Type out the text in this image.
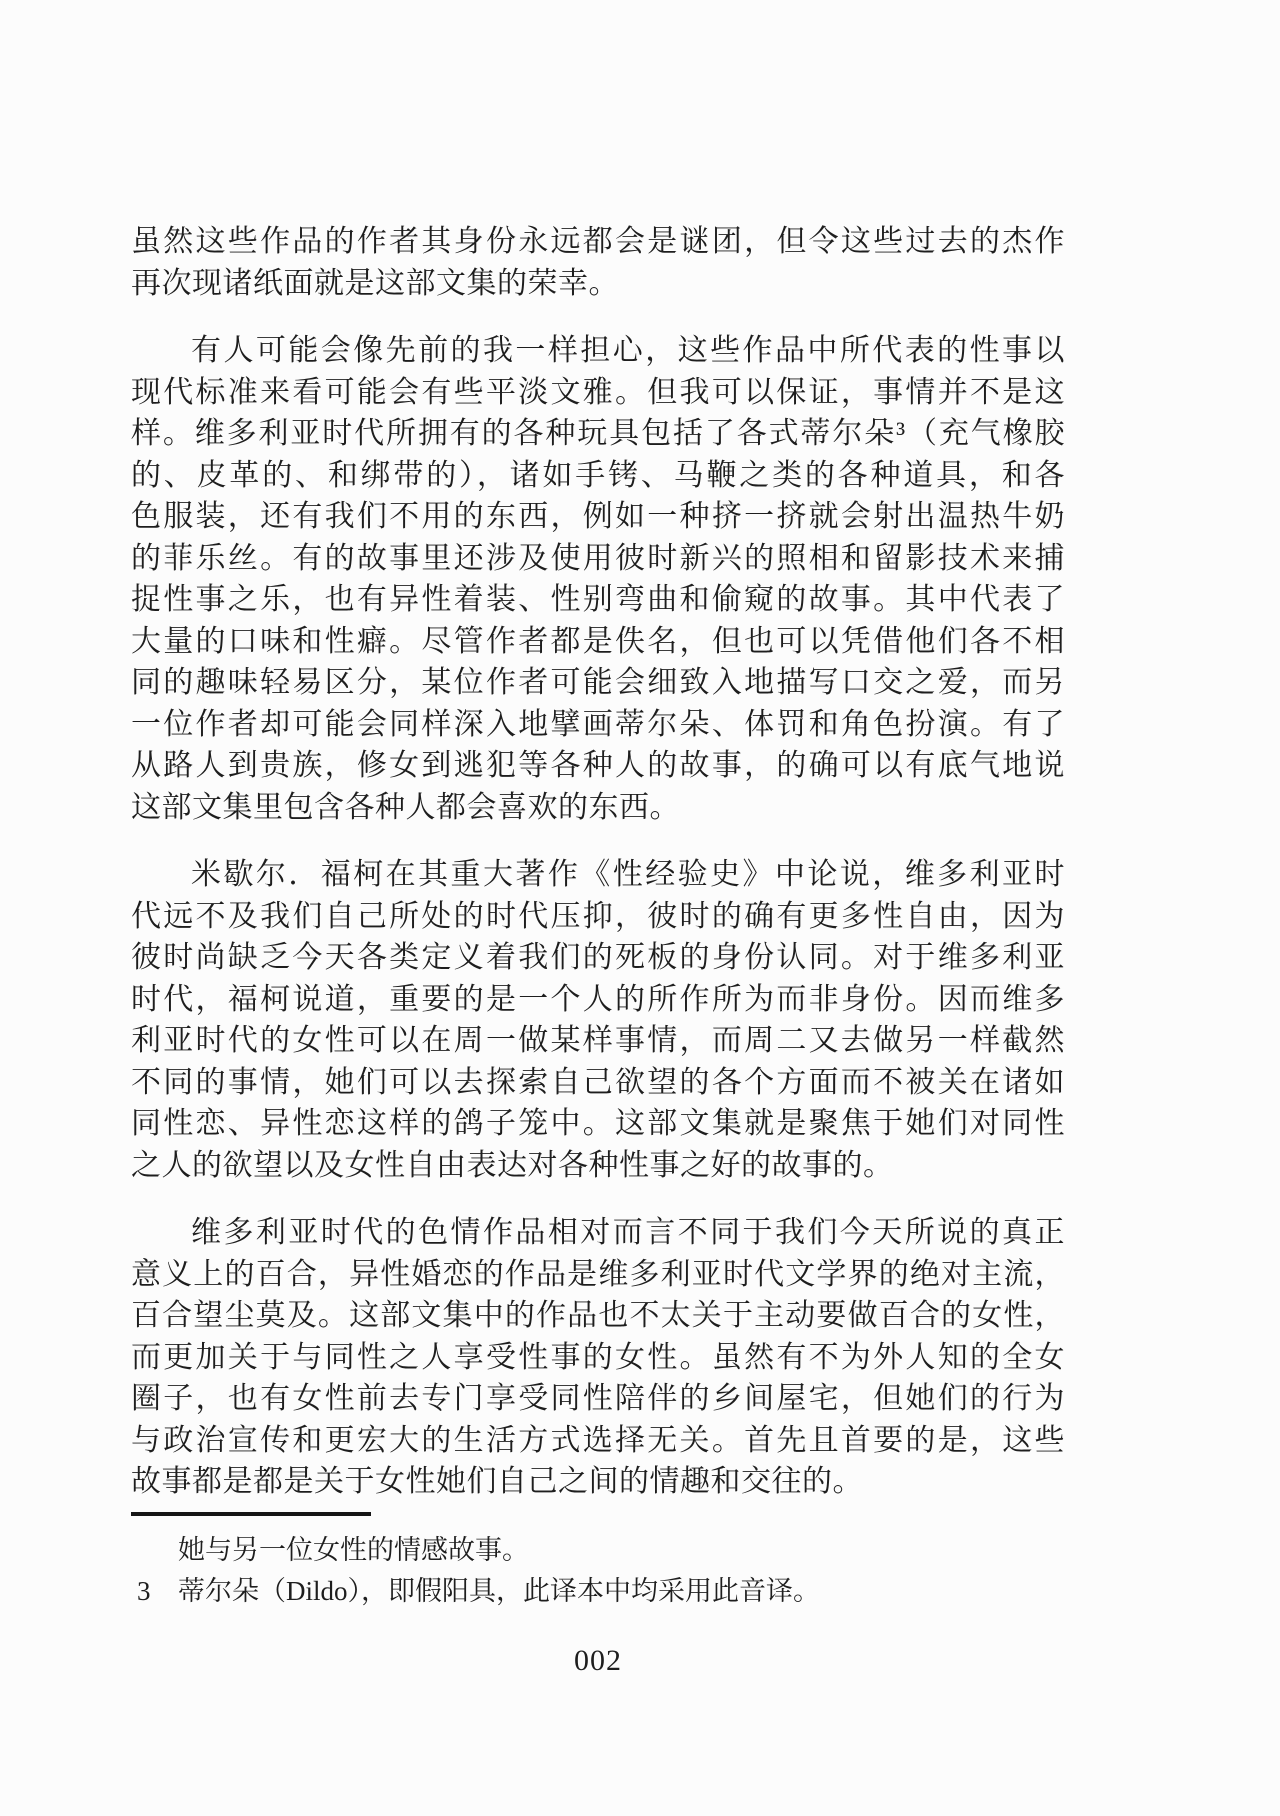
虽然这些作品的作者其身份永远都会是谜团，但令这些过去的杰作
再次现诸纸面就是这部文集的荣幸。
有人可能会像先前的我一样担心，这些作品中所代表的性事以
现代标准来看可能会有些平淡文雅。但我可以保证，事情并不是这
样。维多利亚时代所拥有的各种玩具包括了各式蒂尔朵³（充气橡胶
的、皮革的、和绑带的），诸如手铐、马鞭之类的各种道具，和各
色服装，还有我们不用的东西，例如一种挤一挤就会射出温热牛奶
的菲乐丝。有的故事里还涉及使用彼时新兴的照相和留影技术来捕
捉性事之乐，也有异性着装、性别弯曲和偷窥的故事。其中代表了
大量的口味和性癖。尽管作者都是佚名，但也可以凭借他们各不相
同的趣味轻易区分，某位作者可能会细致入地描写口交之爱，而另
一位作者却可能会同样深入地擘画蒂尔朵、体罚和角色扮演。有了
从路人到贵族，修女到逃犯等各种人的故事，的确可以有底气地说
这部文集里包含各种人都会喜欢的东西。
米歇尔．福柯在其重大著作《性经验史》中论说，维多利亚时
代远不及我们自己所处的时代压抑，彼时的确有更多性自由，因为
彼时尚缺乏今天各类定义着我们的死板的身份认同。对于维多利亚
时代，福柯说道，重要的是一个人的所作所为而非身份。因而维多
利亚时代的女性可以在周一做某样事情，而周二又去做另一样截然
不同的事情，她们可以去探索自己欲望的各个方面而不被关在诸如
同性恋、异性恋这样的鸽子笼中。这部文集就是聚焦于她们对同性
之人的欲望以及女性自由表达对各种性事之好的故事的。
维多利亚时代的色情作品相对而言不同于我们今天所说的真正
意义上的百合，异性婚恋的作品是维多利亚时代文学界的绝对主流，
百合望尘莫及。这部文集中的作品也不太关于主动要做百合的女性，
而更加关于与同性之人享受性事的女性。虽然有不为外人知的全女
圈子，也有女性前去专门享受同性陪伴的乡间屋宅，但她们的行为
与政治宣传和更宏大的生活方式选择无关。首先且首要的是，这些
故事都是都是关于女性她们自己之间的情趣和交往的。
她与另一位女性的情感故事。
3 蒂尔朵（Dildo），即假阳具，此译本中均采用此音译。
002
